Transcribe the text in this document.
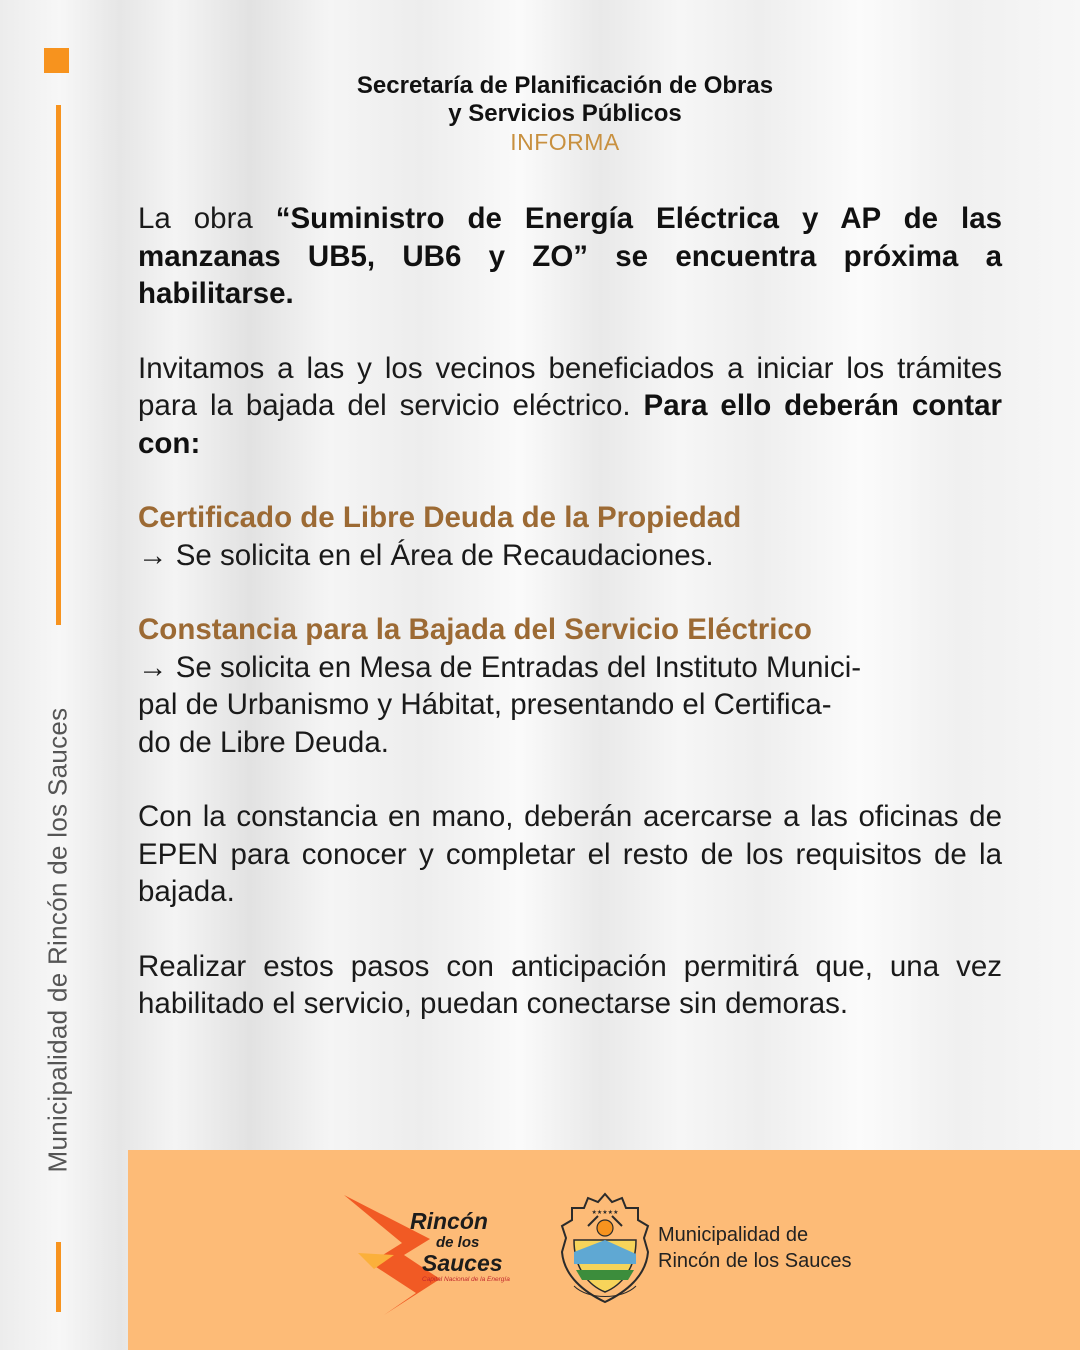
Municipalidad de Rincón de los Sauces
Secretaría de Planificación de Obras
y Servicios Públicos
INFORMA

La obra “Suministro de Energía Eléctrica y AP de las manzanas UB5, UB6 y ZO” se encuentra próxima a habilitarse.

Invitamos a las y los vecinos beneficiados a iniciar los trámites para la bajada del servicio eléctrico. Para ello deberán contar con:

Certificado de Libre Deuda de la Propiedad

→ Se solicita en el Área de Recaudaciones.

Constancia para la Bajada del Servicio Eléctrico

→ Se solicita en Mesa de Entradas del Instituto Munici-
pal de Urbanismo y Hábitat, presentando el Certifica-
do de Libre Deuda.

Con la constancia en mano, deberán acercarse a las oficinas de EPEN para conocer y completar el resto de los requisitos de la bajada.

Realizar estos pasos con anticipación permitirá que, una vez habilitado el servicio, puedan conectarse sin demoras.

Rincón
de los
Sauces
Capital Nacional de la Energía
★★★★★
Municipalidad de
Rincón de los Sauces
